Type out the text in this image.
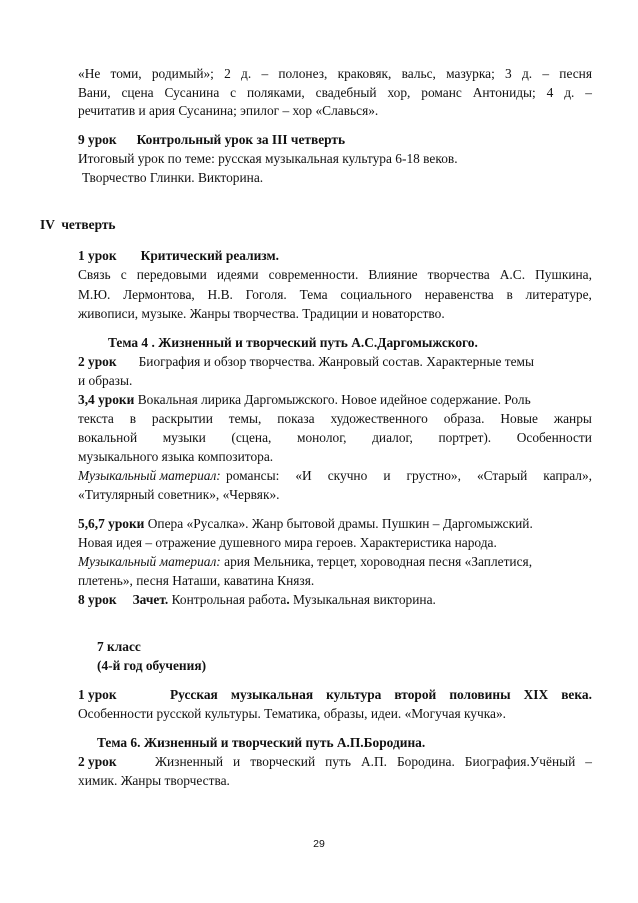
«Не томи, родимый»; 2 д. – полонез, краковяк, вальс, мазурка; 3 д. – песня
Вани, сцена Сусанина с поляками, свадебный хор, романс Антониды; 4 д. –
речитатив и ария Сусанина; эпилог – хор «Славься».
9 урок Контрольный урок за III четверть
Итоговый урок по теме: русская музыкальная культура 6-18 веков.
Творчество Глинки. Викторина.
IV  четверть
1 урок Критический реализм.
Связь с передовыми идеями современности. Влияние творчества А.С. Пушкина,
М.Ю. Лермонтова, Н.В. Гоголя. Тема социального неравенства в литературе,
живописи, музыке. Жанры творчества. Традиции и новаторство.
Тема 4 . Жизненный и творческий путь А.С.Даргомыжского.
2 урок Биография и обзор творчества. Жанровый состав. Характерные темы
и образы.
3,4 уроки Вокальная лирика Даргомыжского. Новое идейное содержание. Роль
текста в раскрытии темы, показа художественного образа. Новые жанры
вокальной музыки (сцена, монолог, диалог, портрет). Особенности
музыкального языка композитора.
Музыкальный материал: романсы: «И скучно и грустно», «Старый капрал»,
«Титулярный советник», «Червяк».
5,6,7 уроки Опера «Русалка». Жанр бытовой драмы. Пушкин – Даргомыжский.
Новая идея – отражение душевного мира героев. Характеристика народа.
Музыкальный материал: ария Мельника, терцет, хороводная песня «Заплетися,
плетень», песня Наташи, каватина Князя.
8 урок Зачет. Контрольная работа. Музыкальная викторина.
7 класс
(4-й год обучения)
1 урок	Русская музыкальная культура второй половины XIX века.
Особенности русской культуры. Тематика, образы, идеи. «Могучая кучка».
Тема 6. Жизненный и творческий путь А.П.Бородина.
2 урок	Жизненный и творческий путь А.П. Бородина. Биография.Учёный –
химик. Жанры творчества.
29
